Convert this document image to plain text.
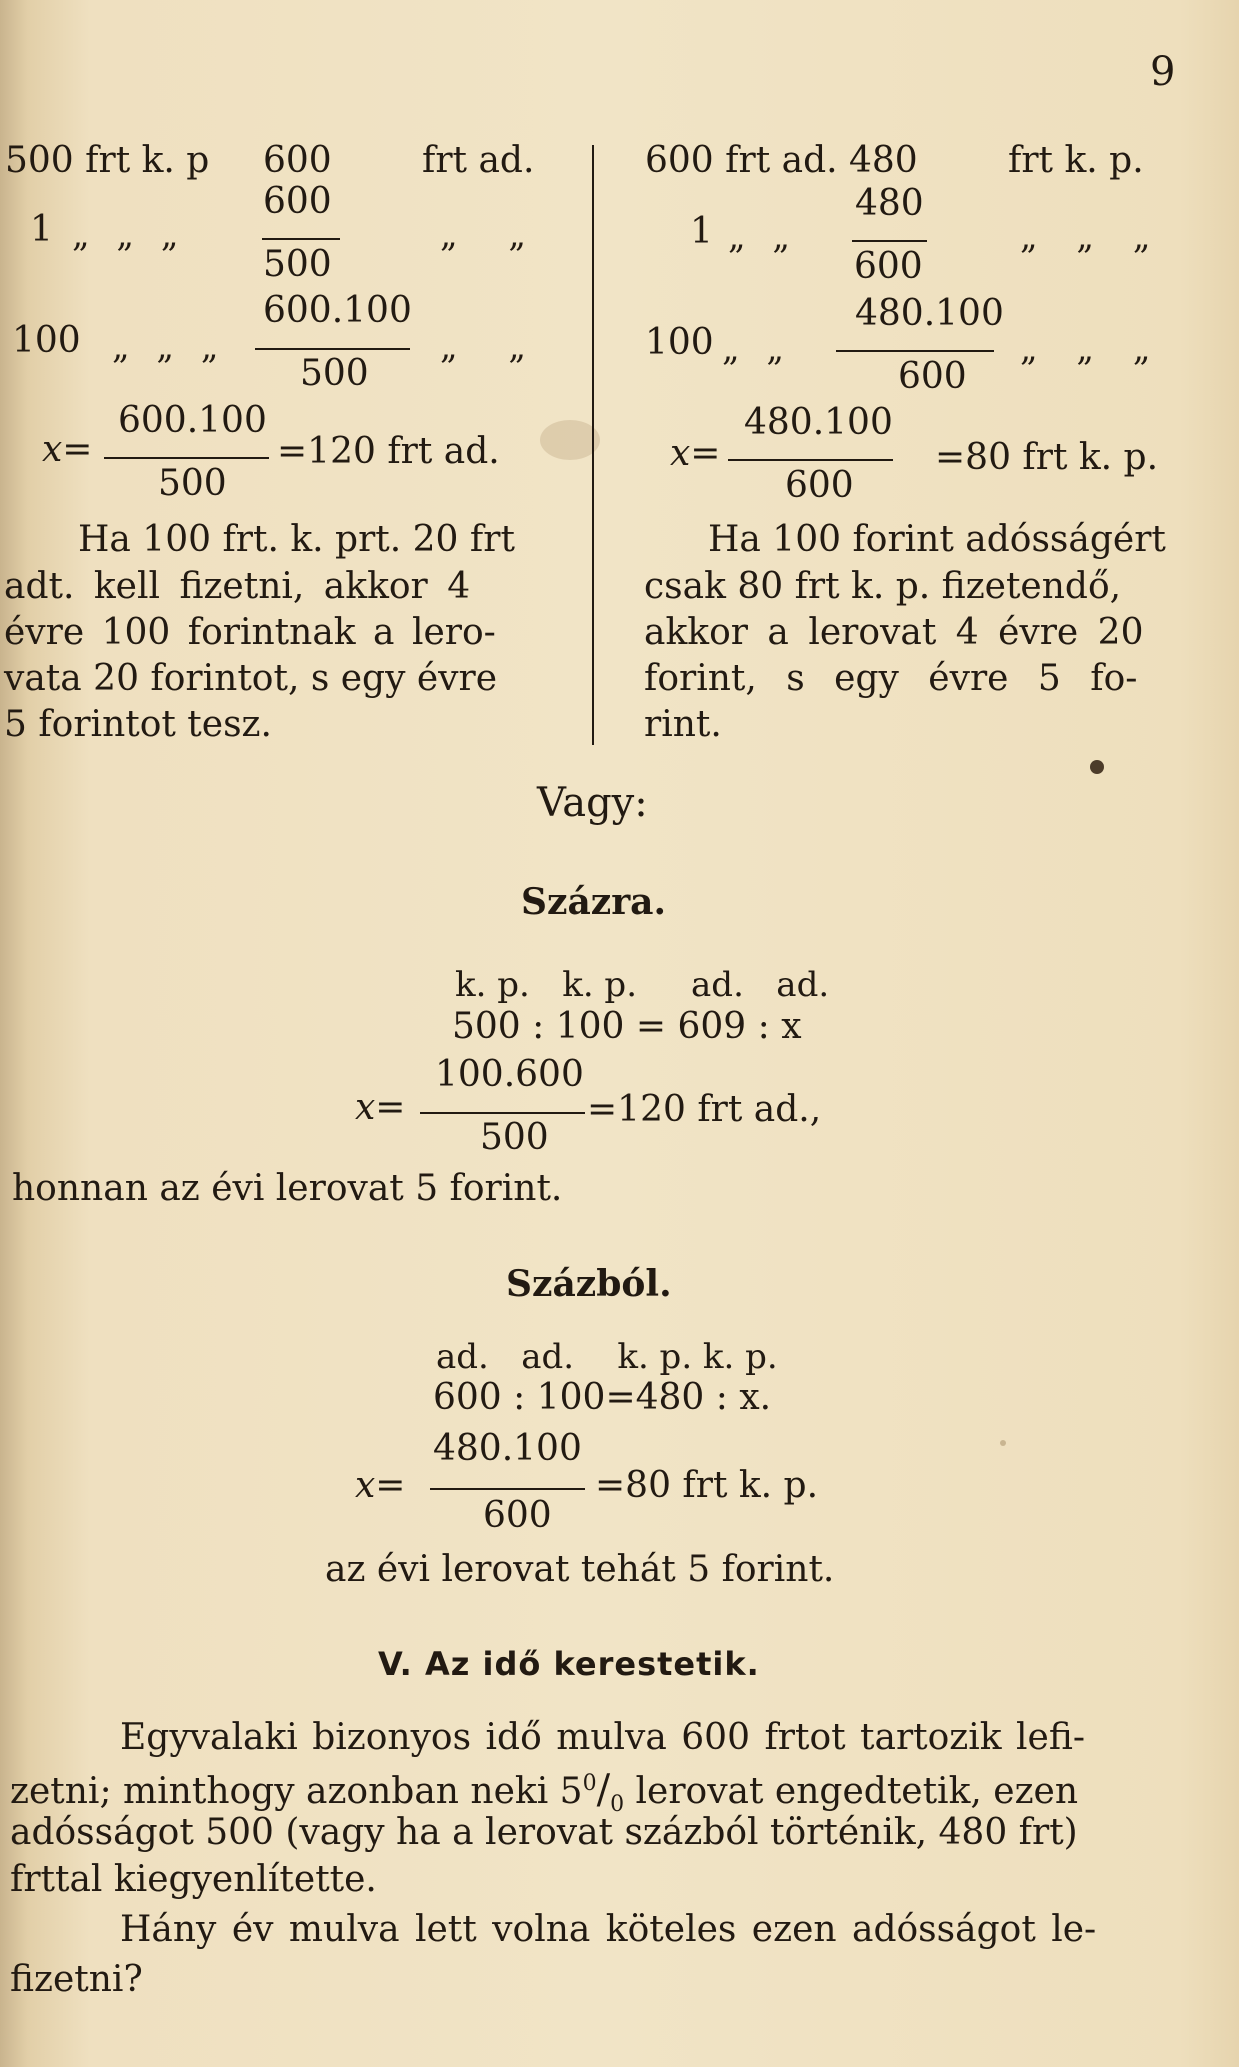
9
500 frt k. p 600	frt ad.
600
1 „ „ „
500
„ „
600.100
100 „ „ „
500
„ „
600.100
x=
500
=120 frt ad.
Ha 100 frt. k. prt. 20 frt
adt. kell fizetni, akkor 4
évre 100 forintnak a lero-
vata 20 forintot, s egy évre
5 forintot tesz.
600 frt ad. 480	frt k. p.
480
1 „ „
600
„ „ „
480.100
100 „ „
600
„ „ „
480.100
x=
600
=80 frt k. p.
Ha 100 forint adósságért
csak 80 frt k. p. fizetendő,
akkor a lerovat 4 évre 20
forint, s egy évre 5 fo-
rint.
Vagy:
Százra.
k. p.   k. p.     ad.   ad.
500 : 100 = 609 : x
100.600
x=
500
=120 frt ad.,
honnan az évi lerovat 5 forint.
Százból.
ad.   ad.    k. p. k. p.
600 : 100=480 : x.
480.100
x=
600
=80 frt k. p.
az évi lerovat tehát 5 forint.
V. Az idő kerestetik.
Egyvalaki bizonyos idő mulva 600 frtot tartozik lefi-
zetni; minthogy azonban neki $5^0/_0$ lerovat engedtetik, ezen
adósságot 500 (vagy ha a lerovat százból történik, 480 frt)
frttal kiegyenlítette.
Hány év mulva lett volna köteles ezen adósságot le-
fizetni?
